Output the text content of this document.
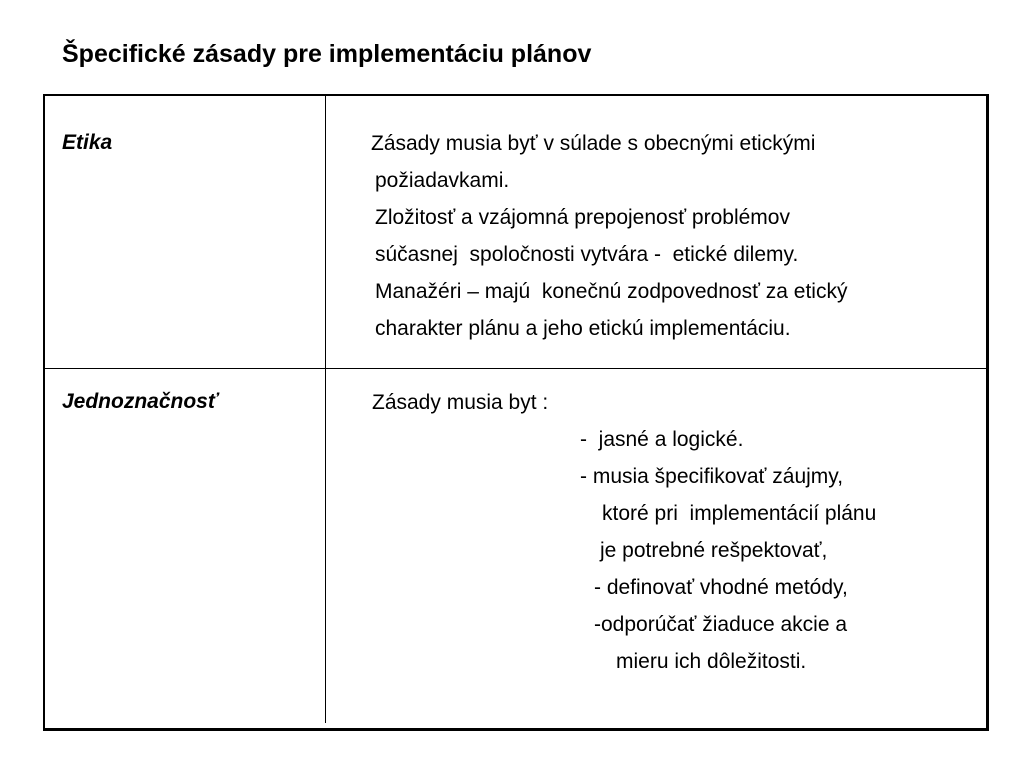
Špecifické zásady pre implementáciu plánov
Etika	Zásady musia byť v súlade s obecnými etickými
požiadavkami.
Zložitosť a vzájomná prepojenosť problémov
súčasnej  spoločnosti vytvára -  etické dilemy.
Manažéri – majú  konečnú zodpovednosť za etický
charakter plánu a jeho etickú implementáciu.
Jednoznačnosť	Zásady musia byt :
-  jasné a logické.
- musia špecifikovať záujmy,
ktoré pri  implementácií plánu
je potrebné rešpektovať,
- definovať vhodné metódy,
-odporúčať žiaduce akcie a
mieru ich dôležitosti.
